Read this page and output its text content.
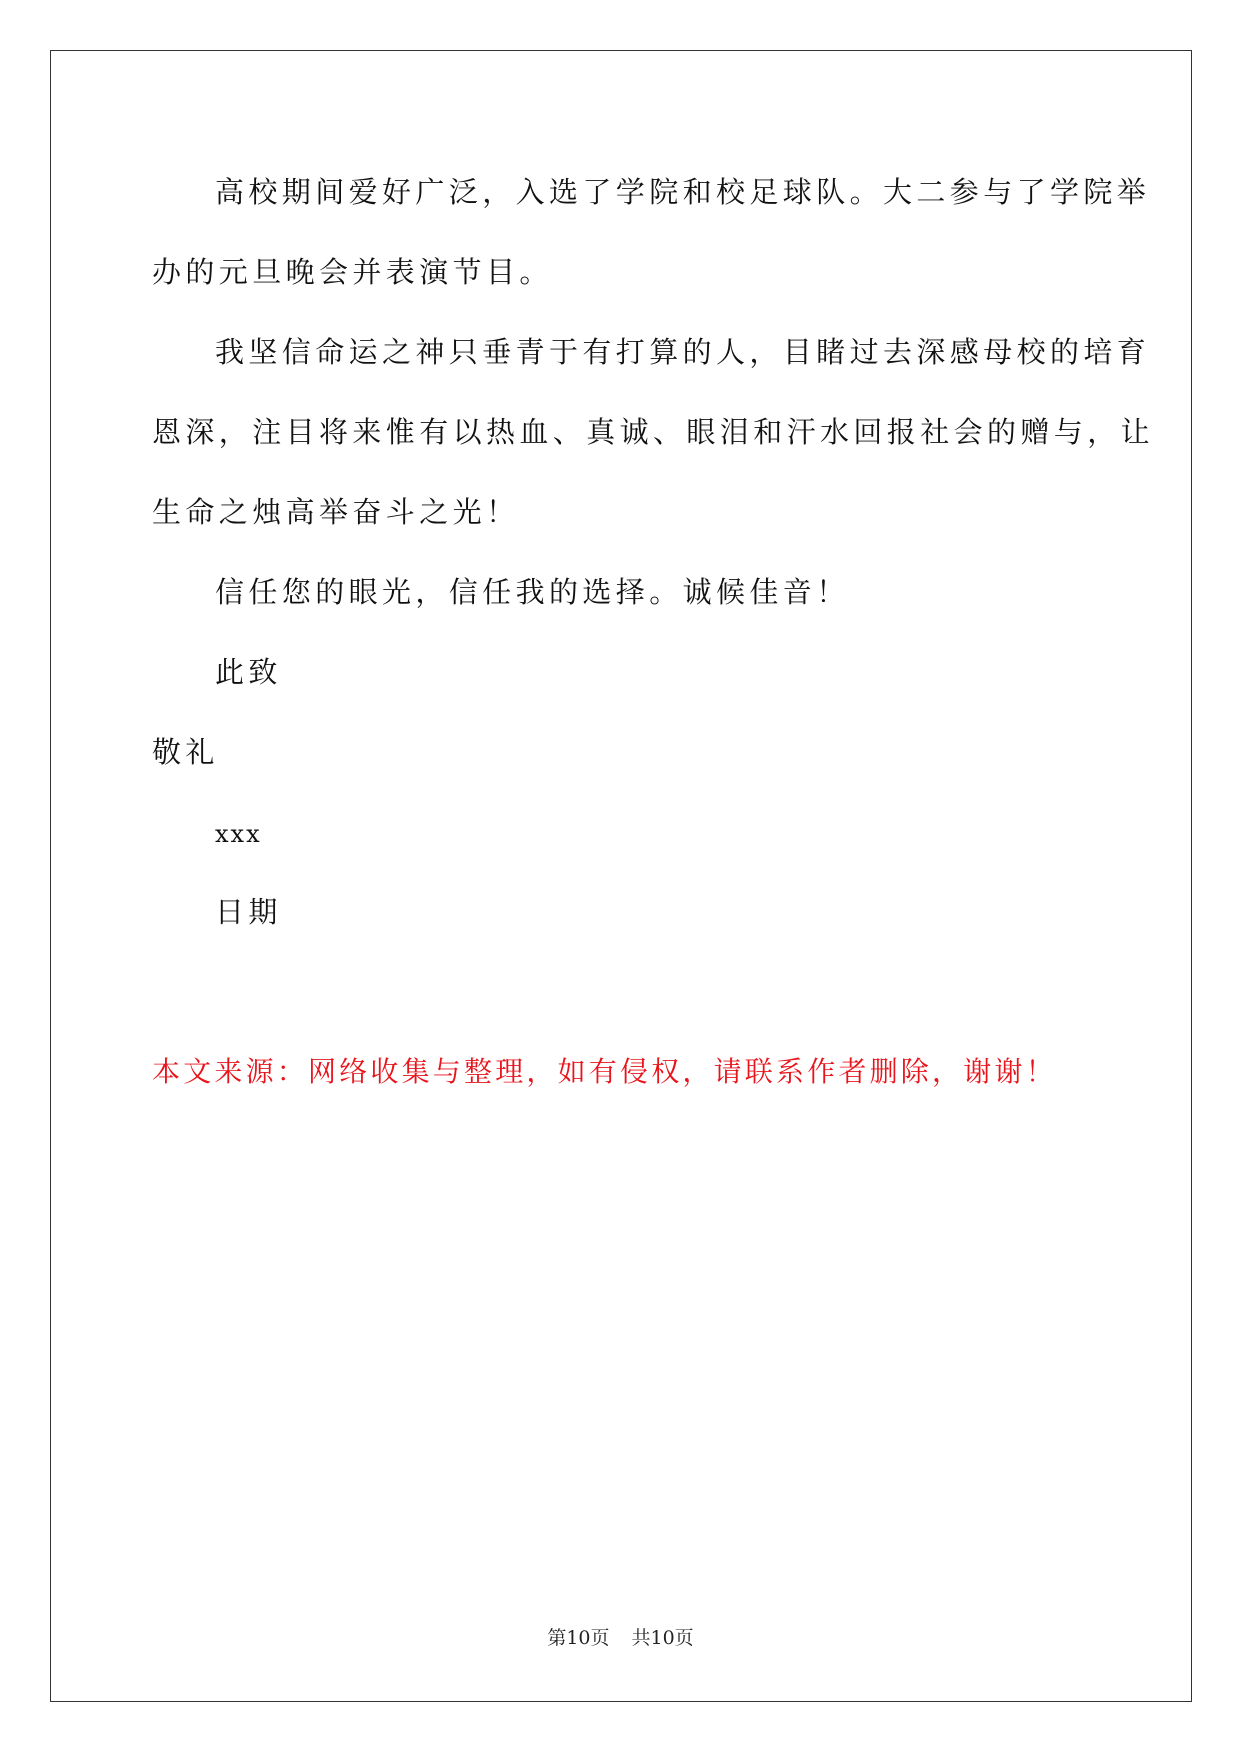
高校期间爱好广泛，入选了学院和校足球队。大二参与了学院举
办的元旦晚会并表演节目。
我坚信命运之神只垂青于有打算的人，目睹过去深感母校的培育
恩深，注目将来惟有以热血、真诚、眼泪和汗水回报社会的赠与，让
生命之烛高举奋斗之光！
信任您的眼光，信任我的选择。诚候佳音！
此致
敬礼
xxx
日期
本文来源：网络收集与整理，如有侵权，请联系作者删除，谢谢！
第10页 共10页
